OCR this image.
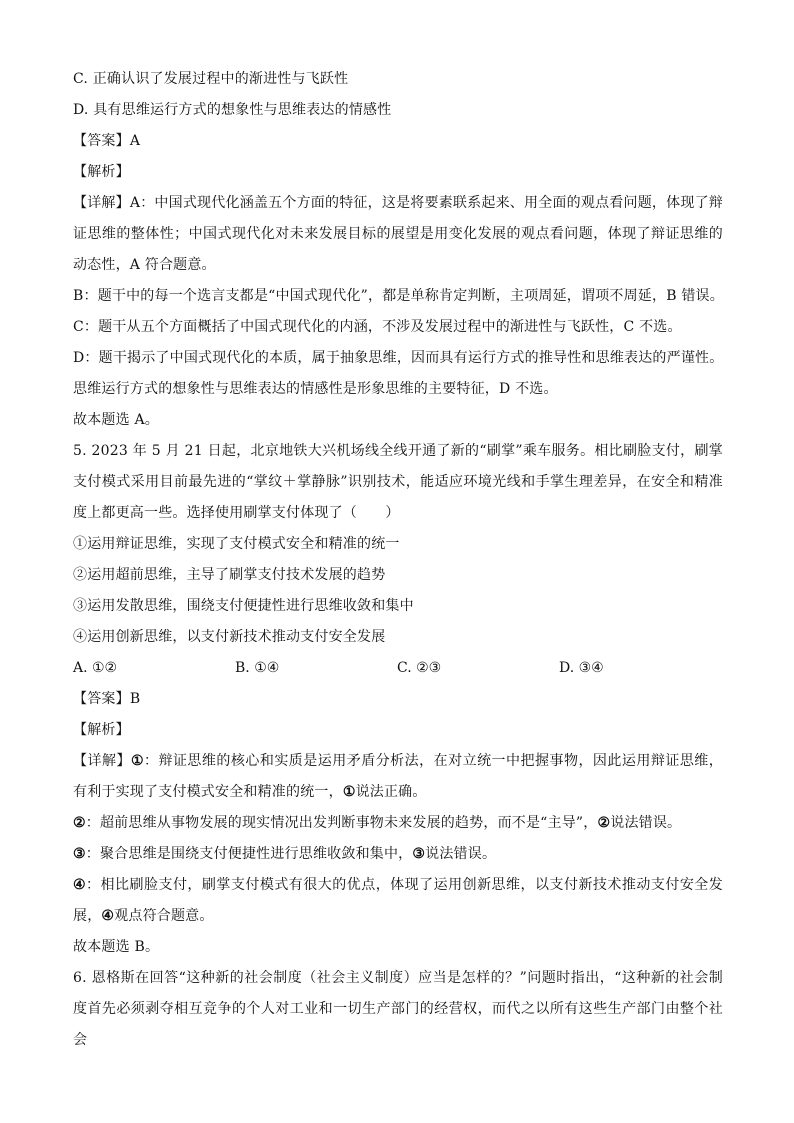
C. 正确认识了发展过程中的渐进性与飞跃性
D. 具有思维运行方式的想象性与思维表达的情感性
【答案】A
【解析】
【详解】A：中国式现代化涵盖五个方面的特征，这是将要素联系起来、用全面的观点看问题，体现了辩证思维的整体性；中国式现代化对未来发展目标的展望是用变化发展的观点看问题，体现了辩证思维的动态性，A 符合题意。
B：题干中的每一个选言支都是“中国式现代化”，都是单称肯定判断，主项周延，谓项不周延，B 错误。
C：题干从五个方面概括了中国式现代化的内涵，不涉及发展过程中的渐进性与飞跃性，C 不选。
D：题干揭示了中国式现代化的本质，属于抽象思维，因而具有运行方式的推导性和思维表达的严谨性。
思维运行方式的想象性与思维表达的情感性是形象思维的主要特征，D 不选。
故本题选 A。
5. 2023 年 5 月 21 日起，北京地铁大兴机场线全线开通了新的“刷掌”乘车服务。相比刷脸支付，刷掌支付模式采用目前最先进的“掌纹＋掌静脉”识别技术，能适应环境光线和手掌生理差异，在安全和精准度上都更高一些。选择使用刷掌支付体现了（　　）
①运用辩证思维，实现了支付模式安全和精准的统一
②运用超前思维，主导了刷掌支付技术发展的趋势
③运用发散思维，围绕支付便捷性进行思维收敛和集中
④运用创新思维，以支付新技术推动支付安全发展
A. ①②	B. ①④	C. ②③	D. ③④
【答案】B
【解析】
【详解】①：辩证思维的核心和实质是运用矛盾分析法，在对立统一中把握事物，因此运用辩证思维，有利于实现了支付模式安全和精准的统一，①说法正确。
②：超前思维从事物发展的现实情况出发判断事物未来发展的趋势，而不是“主导”，②说法错误。
③：聚合思维是围绕支付便捷性进行思维收敛和集中，③说法错误。
④：相比刷脸支付，刷掌支付模式有很大的优点，体现了运用创新思维，以支付新技术推动支付安全发展，④观点符合题意。
故本题选 B。
6. 恩格斯在回答“这种新的社会制度（社会主义制度）应当是怎样的？”问题时指出，“这种新的社会制度首先必须剥夺相互竞争的个人对工业和一切生产部门的经营权，而代之以所有这些生产部门由整个社会
